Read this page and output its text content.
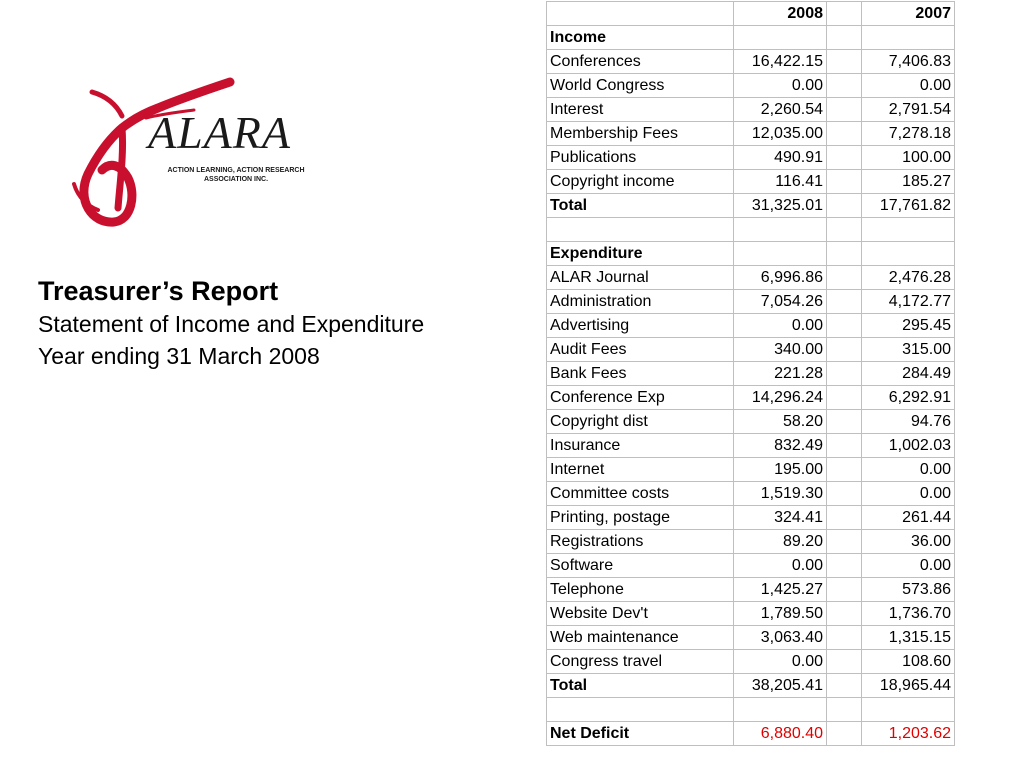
ALARA
ACTION LEARNING, ACTION RESEARCH
ASSOCIATION INC.
Treasurer’s Report
Statement of Income and Expenditure
Year ending 31 March 2008
	2008		2007
Income			
Conferences	16,422.15		7,406.83
World Congress	0.00		0.00
Interest	2,260.54		2,791.54
Membership Fees	12,035.00		7,278.18
Publications	490.91		100.00
Copyright income	116.41		185.27
Total	31,325.01		17,761.82

Expenditure			
ALAR Journal	6,996.86		2,476.28
Administration	7,054.26		4,172.77
Advertising	0.00		295.45
Audit Fees	340.00		315.00
Bank Fees	221.28		284.49
Conference Exp	14,296.24		6,292.91
Copyright dist	58.20		94.76
Insurance	832.49		1,002.03
Internet	195.00		0.00
Committee costs	1,519.30		0.00
Printing, postage	324.41		261.44
Registrations	89.20		36.00
Software	0.00		0.00
Telephone	1,425.27		573.86
Website Dev't	1,789.50		1,736.70
Web maintenance	3,063.40		1,315.15
Congress travel	0.00		108.60
Total	38,205.41		18,965.44

Net Deficit	6,880.40		1,203.62
